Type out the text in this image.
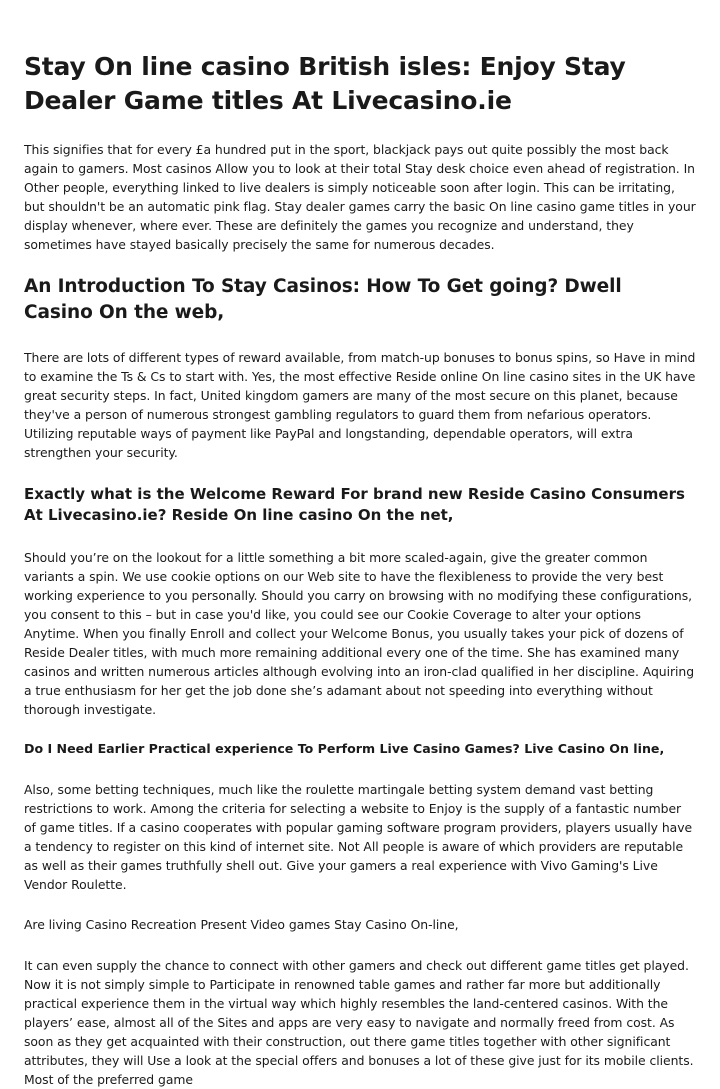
Stay On line casino British isles: Enjoy Stay Dealer Game titles At Livecasino.ie

This signifies that for every £a hundred put in the sport, blackjack pays out quite possibly the most back again to gamers. Most casinos Allow you to look at their total Stay desk choice even ahead of registration. In Other people, everything linked to live dealers is simply noticeable soon after login. This can be irritating, but shouldn't be an automatic pink flag. Stay dealer games carry the basic On line casino game titles in your display whenever, where ever. These are definitely the games you recognize and understand, they sometimes have stayed basically precisely the same for numerous decades.

An Introduction To Stay Casinos: How To Get going? Dwell Casino On the web,

There are lots of different types of reward available, from match-up bonuses to bonus spins, so Have in mind to examine the Ts & Cs to start with. Yes, the most effective Reside online On line casino sites in the UK have great security steps. In fact, United kingdom gamers are many of the most secure on this planet, because they've a person of numerous strongest gambling regulators to guard them from nefarious operators. Utilizing reputable ways of payment like PayPal and longstanding, dependable operators, will extra strengthen your security.

Exactly what is the Welcome Reward For brand new Reside Casino Consumers At Livecasino.ie? Reside On line casino On the net,

Should you’re on the lookout for a little something a bit more scaled-again, give the greater common variants a spin. We use cookie options on our Web site to have the flexibleness to provide the very best working experience to you personally. Should you carry on browsing with no modifying these configurations, you consent to this – but in case you'd like, you could see our Cookie Coverage to alter your options Anytime. When you finally Enroll and collect your Welcome Bonus, you usually takes your pick of dozens of Reside Dealer titles, with much more remaining additional every one of the time. She has examined many casinos and written numerous articles although evolving into an iron-clad qualified in her discipline. Aquiring a true enthusiasm for her get the job done she’s adamant about not speeding into everything without thorough investigate.

Do I Need Earlier Practical experience To Perform Live Casino Games? Live Casino On line,

Also, some betting techniques, much like the roulette martingale betting system demand vast betting restrictions to work. Among the criteria for selecting a website to Enjoy is the supply of a fantastic number of game titles. If a casino cooperates with popular gaming software program providers, players usually have a tendency to register on this kind of internet site. Not All people is aware of which providers are reputable as well as their games truthfully shell out. Give your gamers a real experience with Vivo Gaming's Live Vendor Roulette.

Are living Casino Recreation Present Video games Stay Casino On-line,

It can even supply the chance to connect with other gamers and check out different game titles get played. Now it is not simply simple to Participate in renowned table games and rather far more but additionally practical experience them in the virtual way which highly resembles the land-centered casinos. With the players’ ease, almost all of the Sites and apps are very easy to navigate and normally freed from cost. As soon as they get acquainted with their construction, out there game titles together with other significant attributes, they will Use a look at the special offers and bonuses a lot of these give just for its mobile clients. Most of the preferred game
